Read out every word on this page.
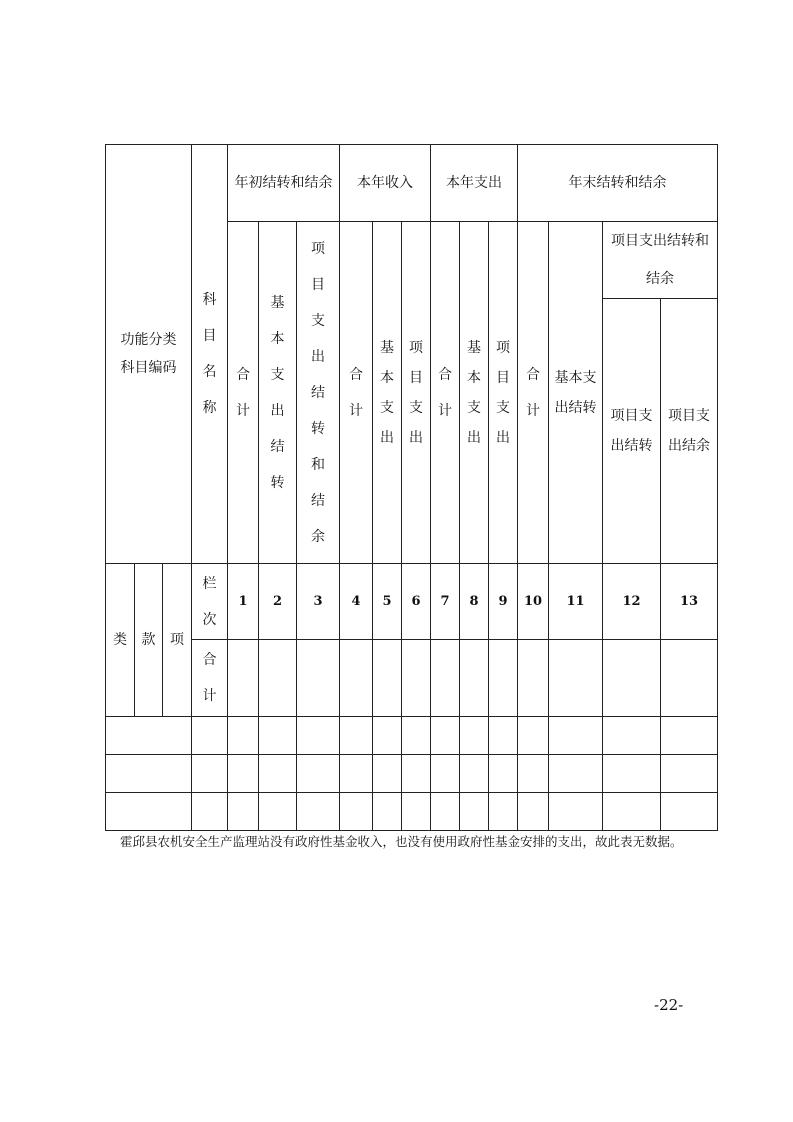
功能分类科目编码			科目名称	年初结转和结余			本年收入			本年支出			年末结转和结余			
				合计	基本支出结转	项目支出结转和结余	合计	基本支出	项目支出	合计	基本支出	项目支出	合计	基本支出结转	项目支出结转和结余	
															项目支出结转	项目支出结余
类	款	项	栏次	1	2	3	4	5	6	7	8	9	10	11	12	13
			合计													

霍邱县农机安全生产监理站没有政府性基金收入，也没有使用政府性基金安排的支出，故此表无数据。
-22-
